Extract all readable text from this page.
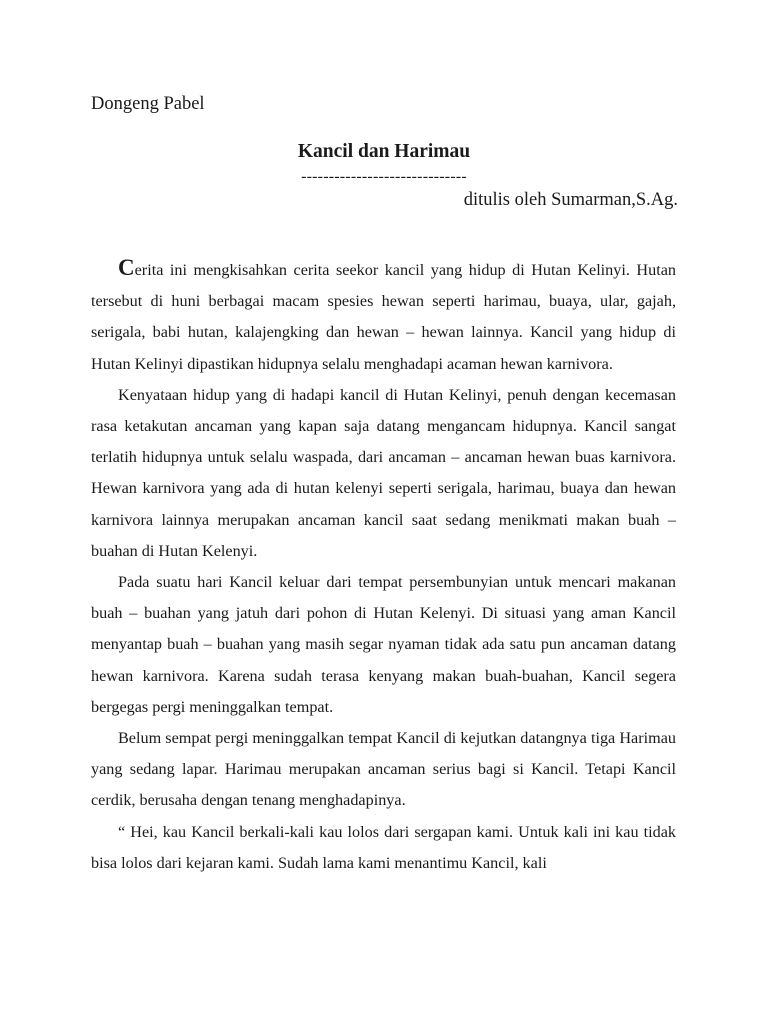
Dongeng Pabel
Kancil dan Harimau
------------------------------
ditulis oleh Sumarman,S.Ag.

Cerita ini mengkisahkan cerita seekor kancil yang hidup di Hutan Kelinyi. Hutan tersebut di huni berbagai macam spesies hewan seperti harimau, buaya, ular, gajah, serigala, babi hutan, kalajengking dan hewan – hewan lainnya. Kancil yang hidup di Hutan Kelinyi dipastikan hidupnya selalu menghadapi acaman hewan karnivora.

Kenyataan hidup yang di hadapi kancil di Hutan Kelinyi, penuh dengan kecemasan rasa ketakutan ancaman yang kapan saja datang mengancam hidupnya. Kancil sangat terlatih hidupnya untuk selalu waspada, dari ancaman – ancaman hewan buas karnivora. Hewan karnivora yang ada di hutan kelenyi seperti serigala, harimau, buaya dan hewan karnivora lainnya merupakan ancaman kancil saat sedang menikmati makan buah – buahan di Hutan Kelenyi.

Pada suatu hari Kancil keluar dari tempat persembunyian untuk mencari makanan buah – buahan yang jatuh dari pohon di Hutan Kelenyi. Di situasi yang aman Kancil menyantap buah – buahan yang masih segar nyaman tidak ada satu pun ancaman datang hewan karnivora. Karena sudah terasa kenyang makan buah-buahan, Kancil segera bergegas pergi meninggalkan tempat.

Belum sempat pergi meninggalkan tempat Kancil di kejutkan datangnya tiga Harimau yang sedang lapar. Harimau merupakan ancaman serius bagi si Kancil. Tetapi Kancil cerdik, berusaha dengan tenang menghadapinya.

“ Hei, kau Kancil berkali-kali kau lolos dari sergapan kami. Untuk kali ini kau tidak bisa lolos dari kejaran kami. Sudah lama kami menantimu Kancil, kali
